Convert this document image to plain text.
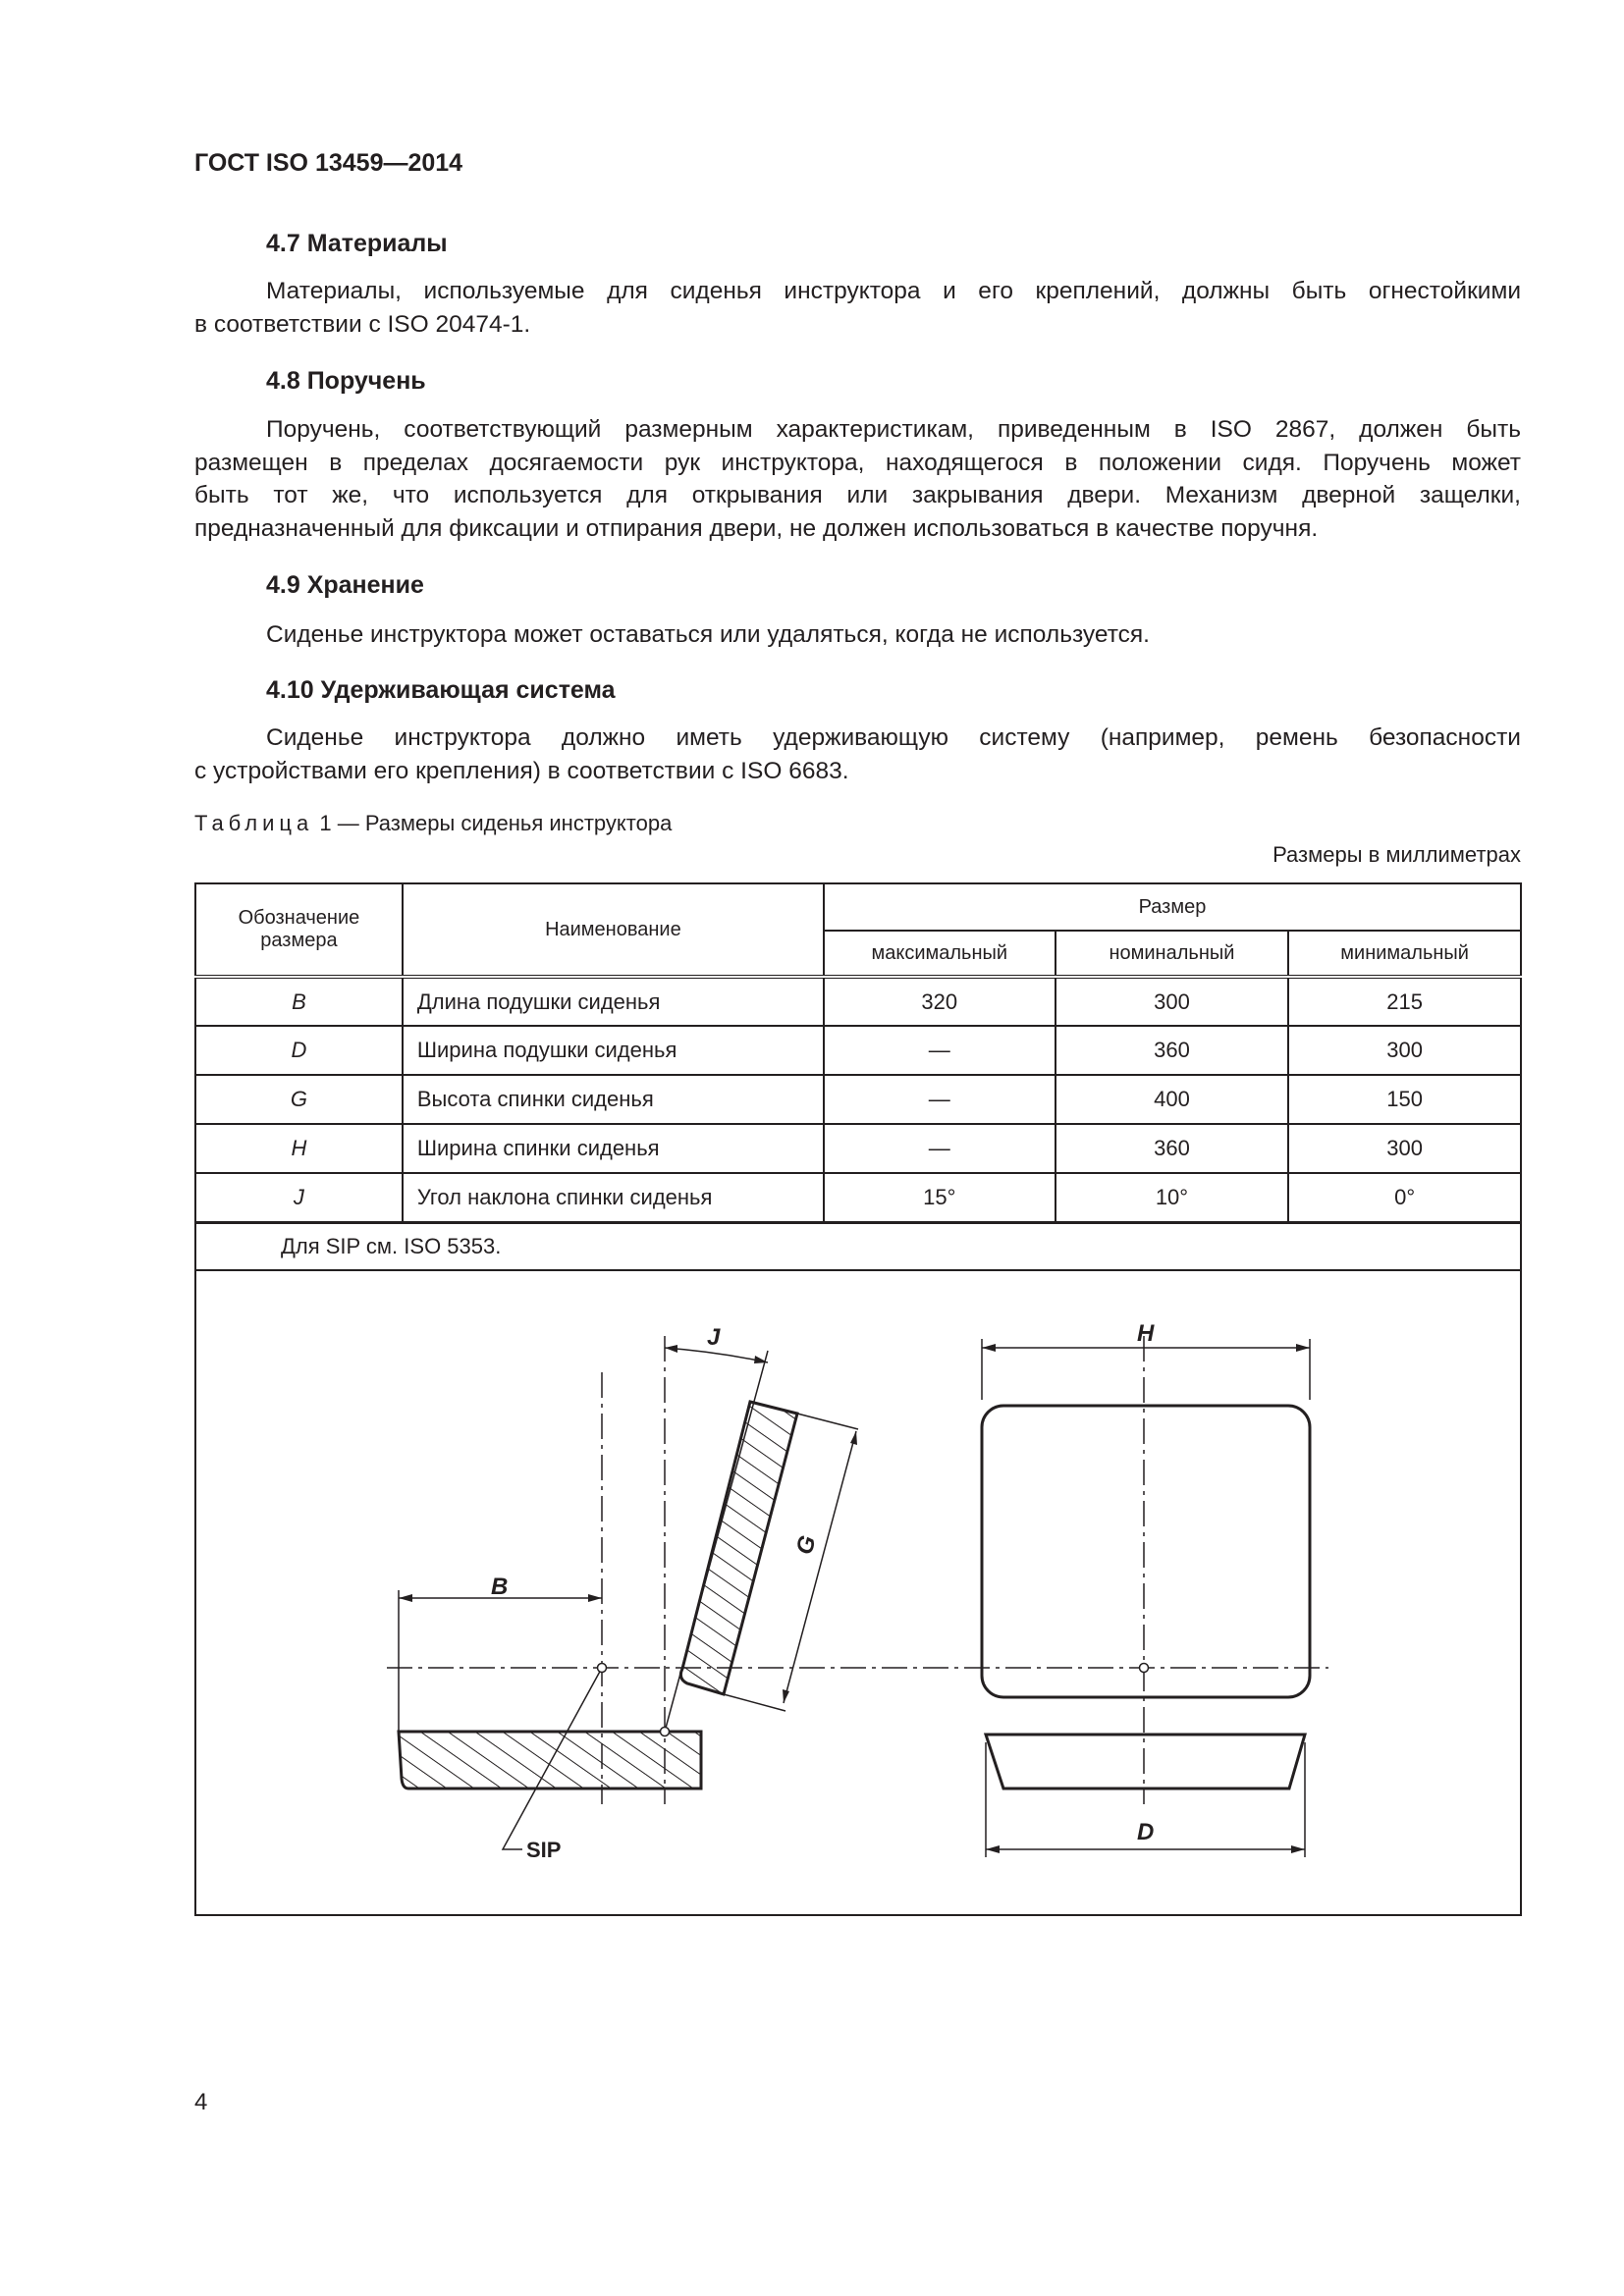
ГОСТ ISO 13459—2014
4.7 Материалы
Материалы, используемые для сиденья инструктора и его креплений, должны быть огнестойкими
в соответствии с ISO 20474-1.
4.8 Поручень
Поручень, соответствующий размерным характеристикам, приведенным в ISO 2867, должен быть
размещен в пределах досягаемости рук инструктора, находящегося в положении сидя. Поручень может
быть тот же, что используется для открывания или закрывания двери. Механизм дверной защелки,
предназначенный для фиксации и отпирания двери, не должен использоваться в качестве поручня.
4.9 Хранение
Сиденье инструктора может оставаться или удаляться, когда не используется.
4.10 Удерживающая система
Сиденье инструктора должно иметь удерживающую систему (например, ремень безопасности
с устройствами его крепления) в соответствии с ISO 6683.
Таблица 1 — Размеры сиденья инструктора
Размеры в миллиметрах
Обозначение размера	Наименование	Размер		
		максимальный	номинальный	минимальный
B	Длина подушки сиденья	320	300	215
D	Ширина подушки сиденья	—	360	300
G	Высота спинки сиденья	—	400	150
H	Ширина спинки сиденья	—	360	300
J	Угол наклона спинки сиденья	15°	10°	0°
Для SIP см. ISO 5353.				

B
J
G
H
D
SIP
4
